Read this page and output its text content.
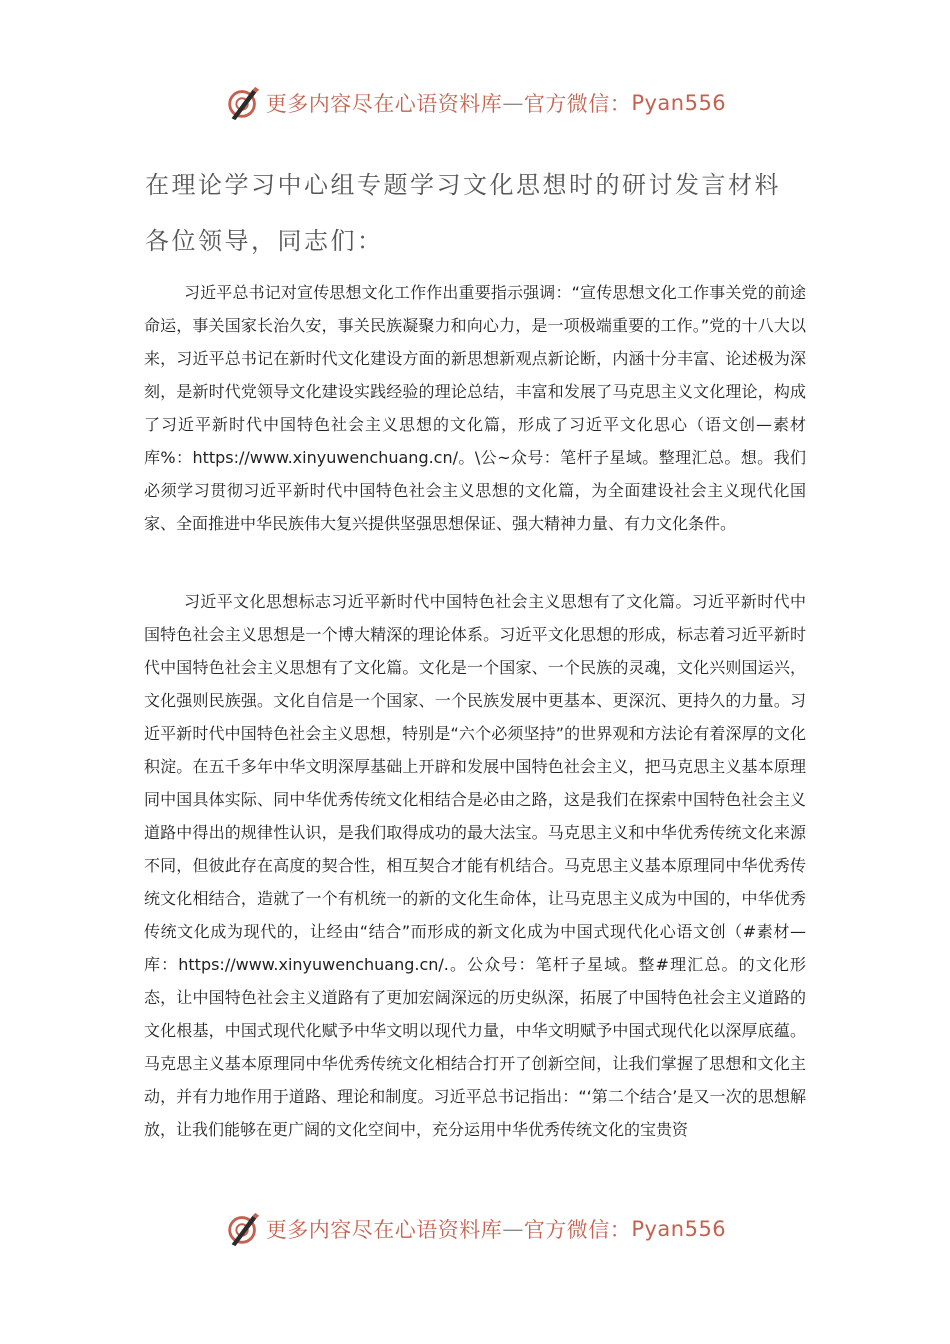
更多内容尽在心语资料库 — 官方微信： Pyan556
在理论学习中心组专题学习文化思想时的研讨发言材料
各位领导，同志们：

习近平总书记对宣传思想文化工作作出重要指示强调：“宣传思想文化工作事关党的前途命运，事关国家长治久安，事关民族凝聚力和向心力，是一项极端重要的工作。”党的十八大以来，习近平总书记在新时代文化建设方面的新思想新观点新论断，内涵十分丰富、论述极为深刻，是新时代党领导文化建设实践经验的理论总结，丰富和发展了马克思主义文化理论，构成了习近平新时代中国特色社会主义思想的文化篇，形成了习近平文化思心（语文创—素材库%：https://www.xinyuwenchuang.cn/。\公~众号：笔杆子星域。整理汇总。想。我们必须学习贯彻习近平新时代中国特色社会主义思想的文化篇，为全面建设社会主义现代化国家、全面推进中华民族伟大复兴提供坚强思想保证、强大精神力量、有力文化条件。

习近平文化思想标志习近平新时代中国特色社会主义思想有了文化篇。习近平新时代中国特色社会主义思想是一个博大精深的理论体系。习近平文化思想的形成，标志着习近平新时代中国特色社会主义思想有了文化篇。文化是一个国家、一个民族的灵魂，文化兴则国运兴，文化强则民族强。文化自信是一个国家、一个民族发展中更基本、更深沉、更持久的力量。习近平新时代中国特色社会主义思想，特别是“六个必须坚持”的世界观和方法论有着深厚的文化积淀。在五千多年中华文明深厚基础上开辟和发展中国特色社会主义，把马克思主义基本原理同中国具体实际、同中华优秀传统文化相结合是必由之路，这是我们在探索中国特色社会主义道路中得出的规律性认识，是我们取得成功的最大法宝。马克思主义和中华优秀传统文化来源不同，但彼此存在高度的契合性，相互契合才能有机结合。马克思主义基本原理同中华优秀传统文化相结合，造就了一个有机统一的新的文化生命体，让马克思主义成为中国的，中华优秀传统文化成为现代的，让经由“结合”而形成的新文化成为中国式现代化心语文创（#素材—库：https://www.xinyuwenchuang.cn/.。公众号：笔杆子星域。整#理汇总。的文化形态，让中国特色社会主义道路有了更加宏阔深远的历史纵深，拓展了中国特色社会主义道路的文化根基，中国式现代化赋予中华文明以现代力量，中华文明赋予中国式现代化以深厚底蕴。马克思主义基本原理同中华优秀传统文化相结合打开了创新空间，让我们掌握了思想和文化主动，并有力地作用于道路、理论和制度。习近平总书记指出：“‘第二个结合’是又一次的思想解放，让我们能够在更广阔的文化空间中，充分运用中华优秀传统文化的宝贵资

更多内容尽在心语资料库 — 官方微信： Pyan556
